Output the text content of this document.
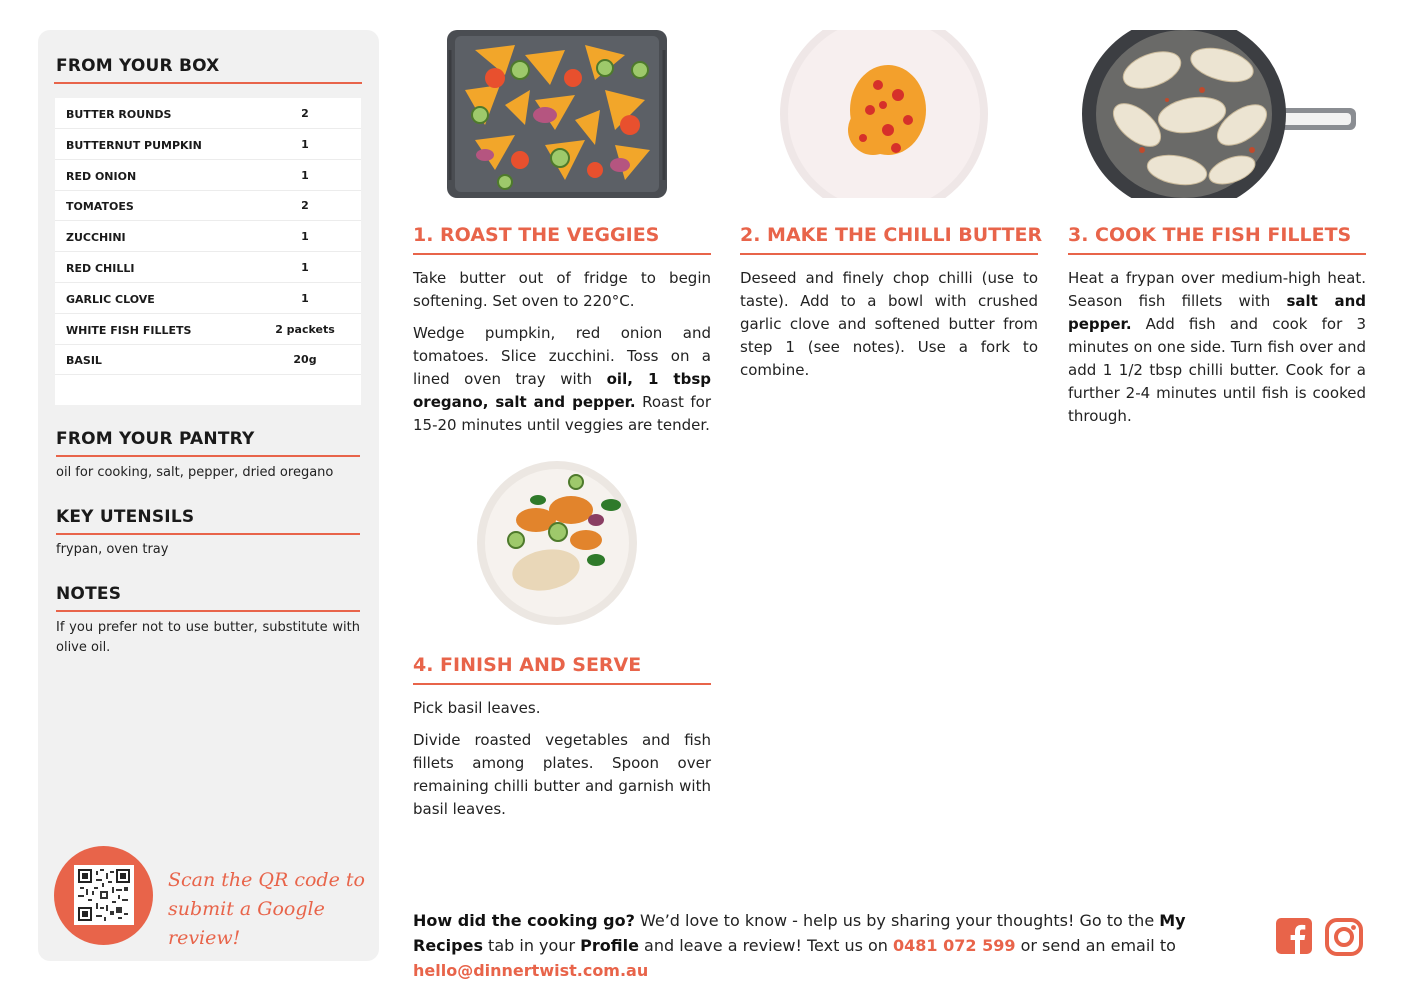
FROM YOUR BOX
BUTTER ROUNDS	2
BUTTERNUT PUMPKIN	1
RED ONION	1
TOMATOES	2
ZUCCHINI	1
RED CHILLI	1
GARLIC CLOVE	1
WHITE FISH FILLETS	2 packets
BASIL	20g
FROM YOUR PANTRY
oil for cooking, salt, pepper, dried oregano
KEY UTENSILS
frypan, oven tray
NOTES
If you prefer not to use butter, substitute with olive oil.
Scan the QR code to
submit a Google review!
1. ROAST THE VEGGIES

Take butter out of fridge to begin softening. Set oven to 220°C.

Wedge pumpkin, red onion and tomatoes. Slice zucchini. Toss on a lined oven tray with oil, 1 tbsp oregano, salt and pepper. Roast for 15-20 minutes until veggies are tender.

2. MAKE THE CHILLI BUTTER

Deseed and finely chop chilli (use to taste). Add to a bowl with crushed garlic clove and softened butter from step 1 (see notes). Use a fork to combine.

3. COOK THE FISH FILLETS

Heat a frypan over medium-high heat. Season fish fillets with salt and pepper. Add fish and cook for 3 minutes on one side. Turn fish over and add 1 1/2 tbsp chilli butter. Cook for a further 2-4 minutes until fish is cooked through.

4. FINISH AND SERVE

Pick basil leaves.

Divide roasted vegetables and fish fillets among plates. Spoon over remaining chilli butter and garnish with basil leaves.

How did the cooking go? We’d love to know - help us by sharing your thoughts! Go to the My Recipes tab in your Profile and leave a review! Text us on 0481 072 599 or send an email to hello@dinnertwist.com.au
